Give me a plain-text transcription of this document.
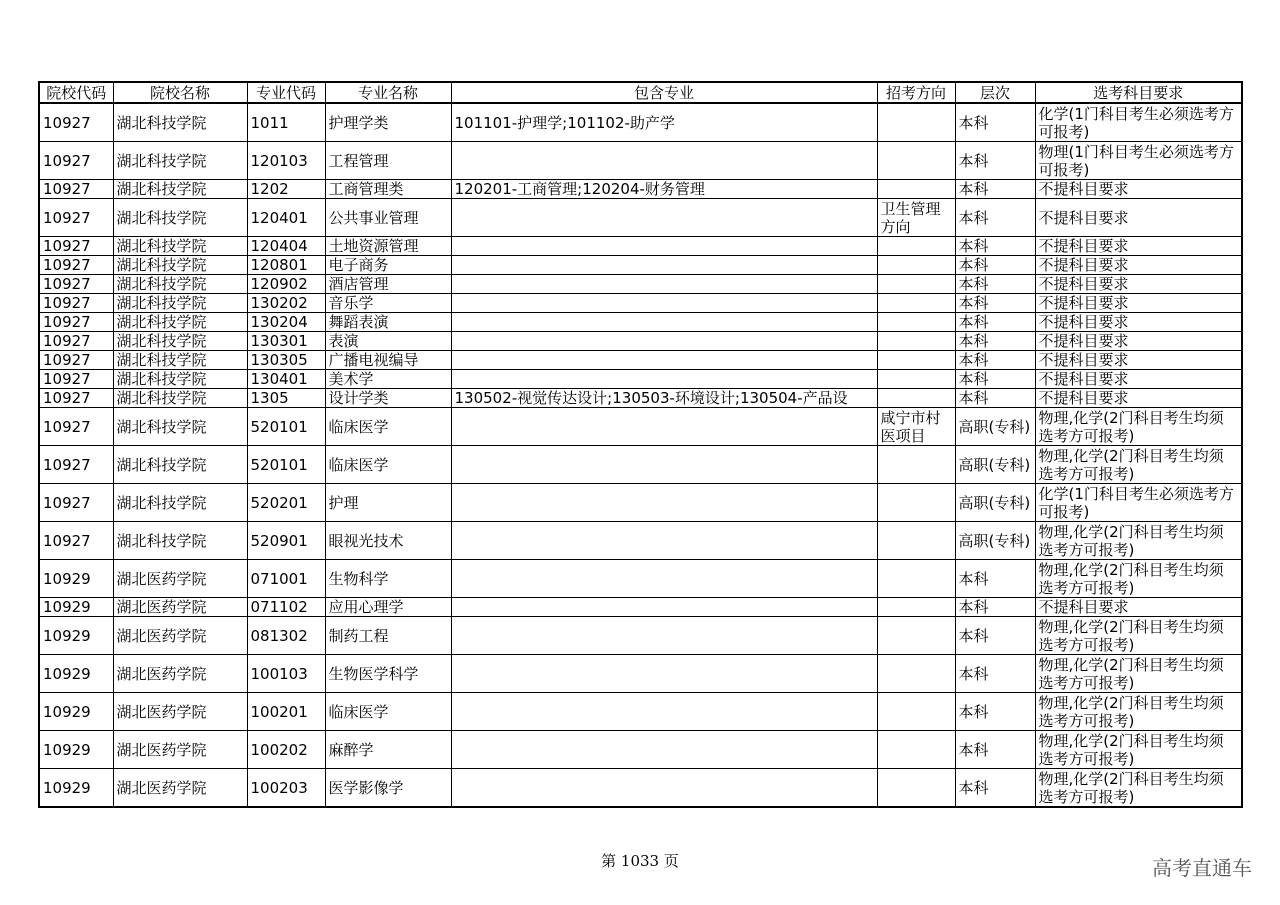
院校代码	院校名称	专业代码	专业名称	包含专业	招考方向	层次	选考科目要求
10927	湖北科技学院	1011	护理学类	101101-护理学;101102-助产学		本科	化学(1门科目考生必须选考方可报考)
10927	湖北科技学院	120103	工程管理			本科	物理(1门科目考生必须选考方可报考)
10927	湖北科技学院	1202	工商管理类	120201-工商管理;120204-财务管理		本科	不提科目要求
10927	湖北科技学院	120401	公共事业管理		卫生管理方向	本科	不提科目要求
10927	湖北科技学院	120404	土地资源管理			本科	不提科目要求
10927	湖北科技学院	120801	电子商务			本科	不提科目要求
10927	湖北科技学院	120902	酒店管理			本科	不提科目要求
10927	湖北科技学院	130202	音乐学			本科	不提科目要求
10927	湖北科技学院	130204	舞蹈表演			本科	不提科目要求
10927	湖北科技学院	130301	表演			本科	不提科目要求
10927	湖北科技学院	130305	广播电视编导			本科	不提科目要求
10927	湖北科技学院	130401	美术学			本科	不提科目要求
10927	湖北科技学院	1305	设计学类	130502-视觉传达设计;130503-环境设计;130504-产品设		本科	不提科目要求
10927	湖北科技学院	520101	临床医学		咸宁市村医项目	高职(专科)	物理,化学(2门科目考生均须选考方可报考)
10927	湖北科技学院	520101	临床医学			高职(专科)	物理,化学(2门科目考生均须选考方可报考)
10927	湖北科技学院	520201	护理			高职(专科)	化学(1门科目考生必须选考方可报考)
10927	湖北科技学院	520901	眼视光技术			高职(专科)	物理,化学(2门科目考生均须选考方可报考)
10929	湖北医药学院	071001	生物科学			本科	物理,化学(2门科目考生均须选考方可报考)
10929	湖北医药学院	071102	应用心理学			本科	不提科目要求
10929	湖北医药学院	081302	制药工程			本科	物理,化学(2门科目考生均须选考方可报考)
10929	湖北医药学院	100103	生物医学科学			本科	物理,化学(2门科目考生均须选考方可报考)
10929	湖北医药学院	100201	临床医学			本科	物理,化学(2门科目考生均须选考方可报考)
10929	湖北医药学院	100202	麻醉学			本科	物理,化学(2门科目考生均须选考方可报考)
10929	湖北医药学院	100203	医学影像学			本科	物理,化学(2门科目考生均须选考方可报考)
第 1033 页	高考直通车
